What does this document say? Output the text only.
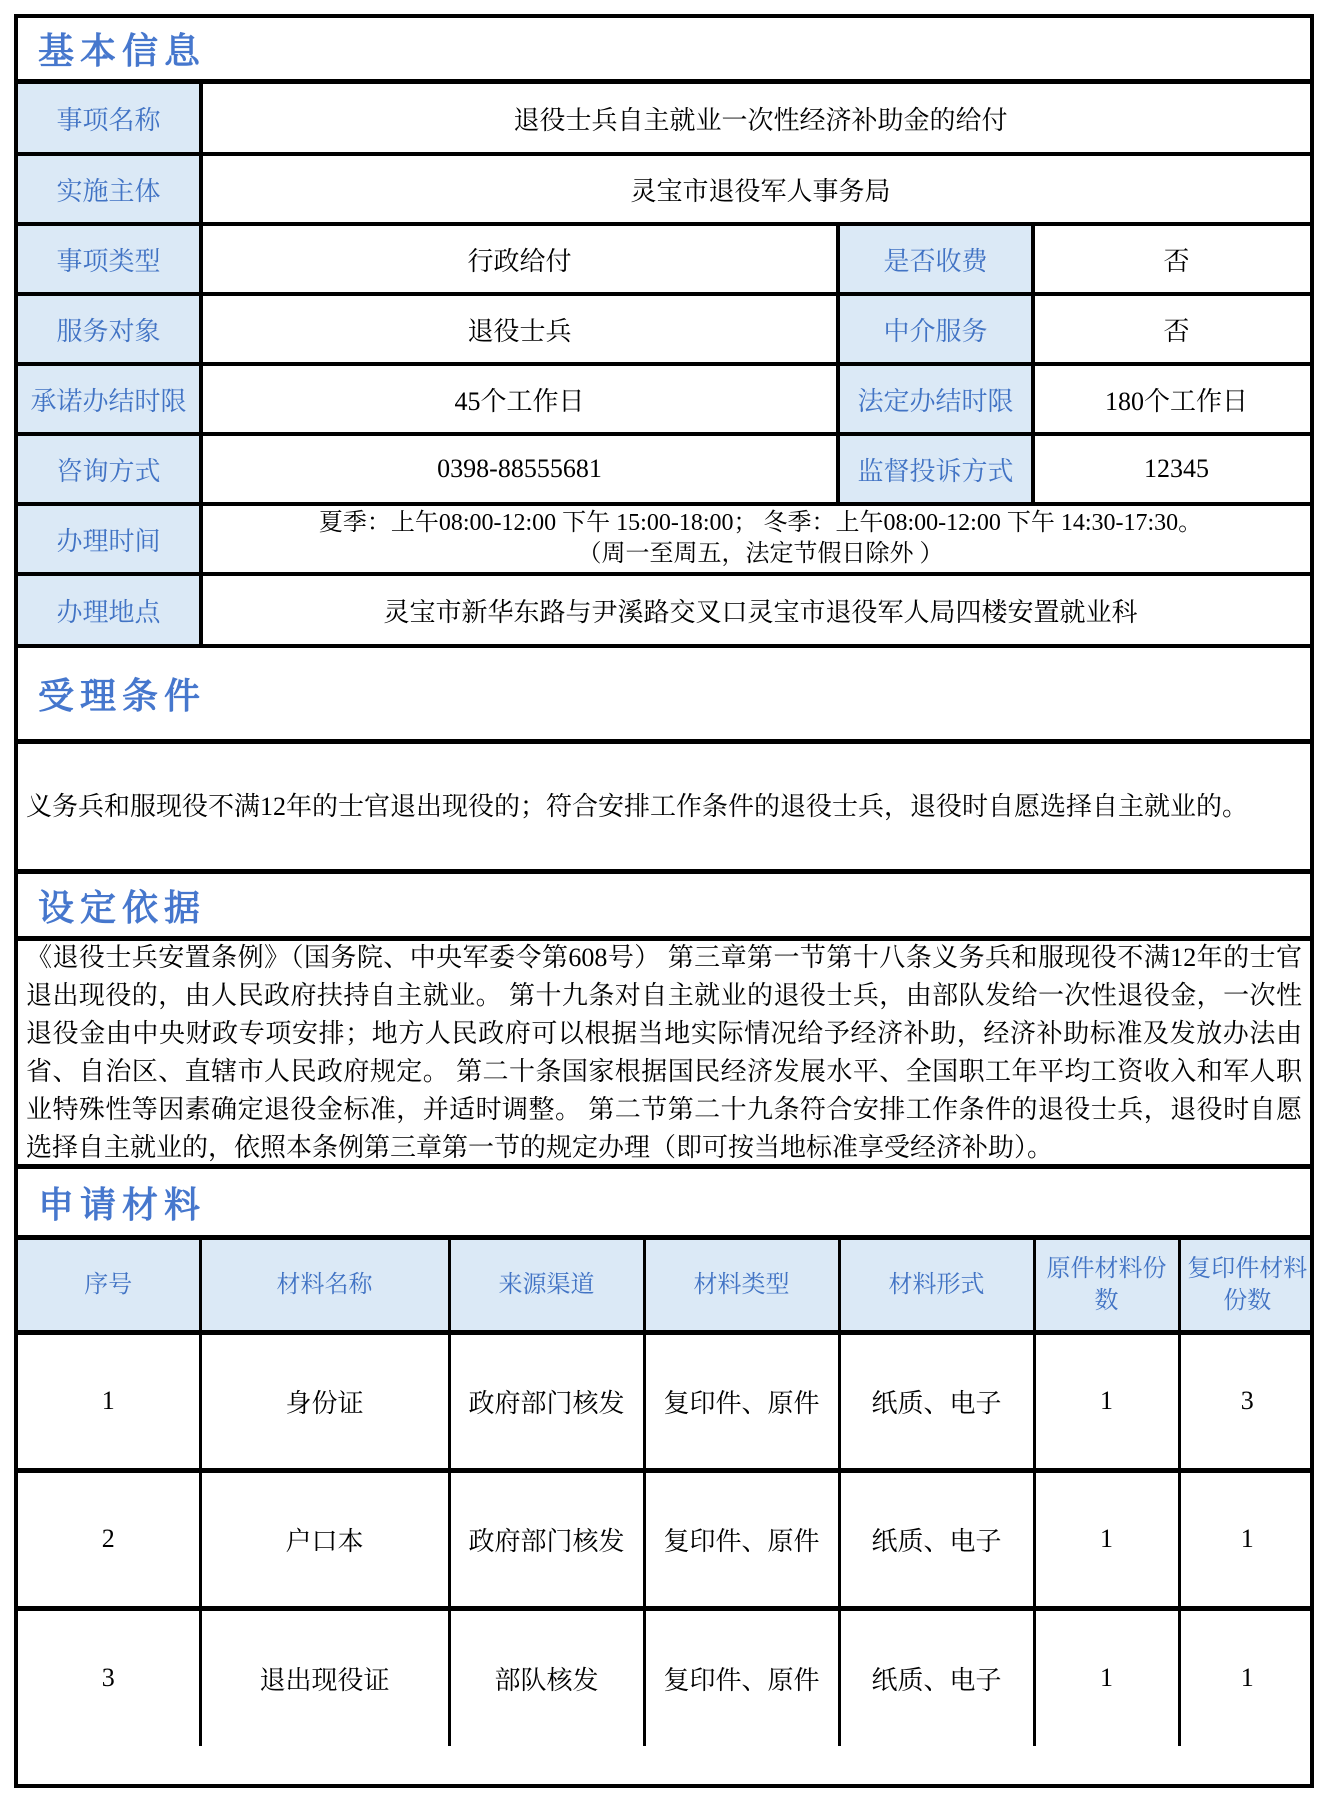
基本信息
事项名称	退役士兵自主就业一次性经济补助金的给付		
实施主体	灵宝市退役军人事务局		
事项类型	行政给付	是否收费	否
服务对象	退役士兵	中介服务	否
承诺办结时限	45个工作日	法定办结时限	180个工作日
咨询方式	0398-88555681	监督投诉方式	12345
办理时间	夏季：上午08:00-12:00 下午 15:00-18:00； 冬季：上午08:00-12:00 下午 14:30-17:30。
（周一至周五，法定节假日除外 ）		

办理地点	灵宝市新华东路与尹溪路交叉口灵宝市退役军人局四楼安置就业科		
受理条件

义务兵和服现役不满12年的士官退出现役的；符合安排工作条件的退役士兵，退役时自愿选择自主就业的。

设定依据

《退役士兵安置条例》（国务院、中央军委令第608号） 第三章第一节第十八条义务兵和服现役不满12年的士官退出现役的，由人民政府扶持自主就业。 第十九条对自主就业的退役士兵，由部队发给一次性退役金，一次性退役金由中央财政专项安排；地方人民政府可以根据当地实际情况给予经济补助，经济补助标准及发放办法由省、自治区、直辖市人民政府规定。 第二十条国家根据国民经济发展水平、全国职工年平均工资收入和军人职业特殊性等因素确定退役金标准，并适时调整。 第二节第二十九条符合安排工作条件的退役士兵，退役时自愿选择自主就业的，依照本条例第三章第一节的规定办理（即可按当地标准享受经济补助）。

申请材料
序号	材料名称	来源渠道	材料类型	材料形式	原件材料份数	复印件材料份数
1	身份证	政府部门核发	复印件、原件	纸质、电子	1	3
2	户口本	政府部门核发	复印件、原件	纸质、电子	1	1
3	退出现役证	部队核发	复印件、原件	纸质、电子	1	1
